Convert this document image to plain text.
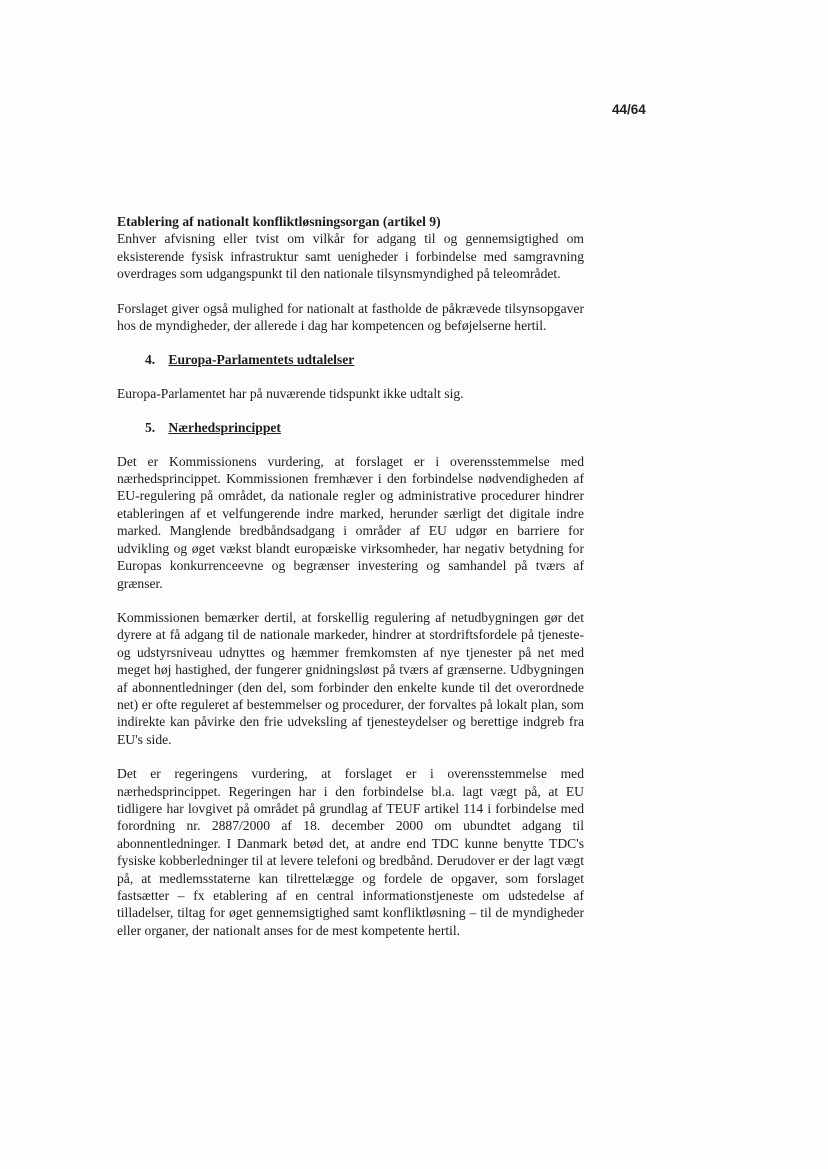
44/64
Etablering af nationalt konfliktløsningsorgan (artikel 9)

Enhver afvisning eller tvist om vilkår for adgang til og gennemsigtighed om eksisterende fysisk infrastruktur samt uenigheder i forbindelse med samgravning overdrages som udgangspunkt til den nationale tilsynsmyndighed på teleområdet.

Forslaget giver også mulighed for nationalt at fastholde de påkrævede tilsynsopgaver hos de myndigheder, der allerede i dag har kompetencen og beføjelserne hertil.

4. Europa-Parlamentets udtalelser

Europa-Parlamentet har på nuværende tidspunkt ikke udtalt sig.

5. Nærhedsprincippet

Det er Kommissionens vurdering, at forslaget er i overensstemmelse med nærhedsprincippet. Kommissionen fremhæver i den forbindelse nødvendigheden af EU-regulering på området, da nationale regler og administrative procedurer hindrer etableringen af et velfungerende indre marked, herunder særligt det digitale indre marked. Manglende bredbåndsadgang i områder af EU udgør en barriere for udvikling og øget vækst blandt europæiske virksomheder, har negativ betydning for Europas konkurrenceevne og begrænser investering og samhandel på tværs af grænser.

Kommissionen bemærker dertil, at forskellig regulering af netudbygningen gør det dyrere at få adgang til de nationale markeder, hindrer at stordriftsfordele på tjeneste- og udstyrsniveau udnyttes og hæmmer fremkomsten af nye tjenester på net med meget høj hastighed, der fungerer gnidningsløst på tværs af grænserne. Udbygningen af abonnentledninger (den del, som forbinder den enkelte kunde til det overordnede net) er ofte reguleret af bestemmelser og procedurer, der forvaltes på lokalt plan, som indirekte kan påvirke den frie udveksling af tjenesteydelser og berettige indgreb fra EU's side.

Det er regeringens vurdering, at forslaget er i overensstemmelse med nærhedsprincippet. Regeringen har i den forbindelse bl.a. lagt vægt på, at EU tidligere har lovgivet på området på grundlag af TEUF artikel 114 i forbindelse med forordning nr. 2887/2000 af 18. december 2000 om ubundtet adgang til abonnentledninger. I Danmark betød det, at andre end TDC kunne benytte TDC's fysiske kobberledninger til at levere telefoni og bredbånd. Derudover er der lagt vægt på, at medlemsstaterne kan tilrettelægge og fordele de opgaver, som forslaget fastsætter – fx etablering af en central informationstjeneste om udstedelse af tilladelser, tiltag for øget gennemsigtighed samt konfliktløsning – til de myndigheder eller organer, der nationalt anses for de mest kompetente hertil.
